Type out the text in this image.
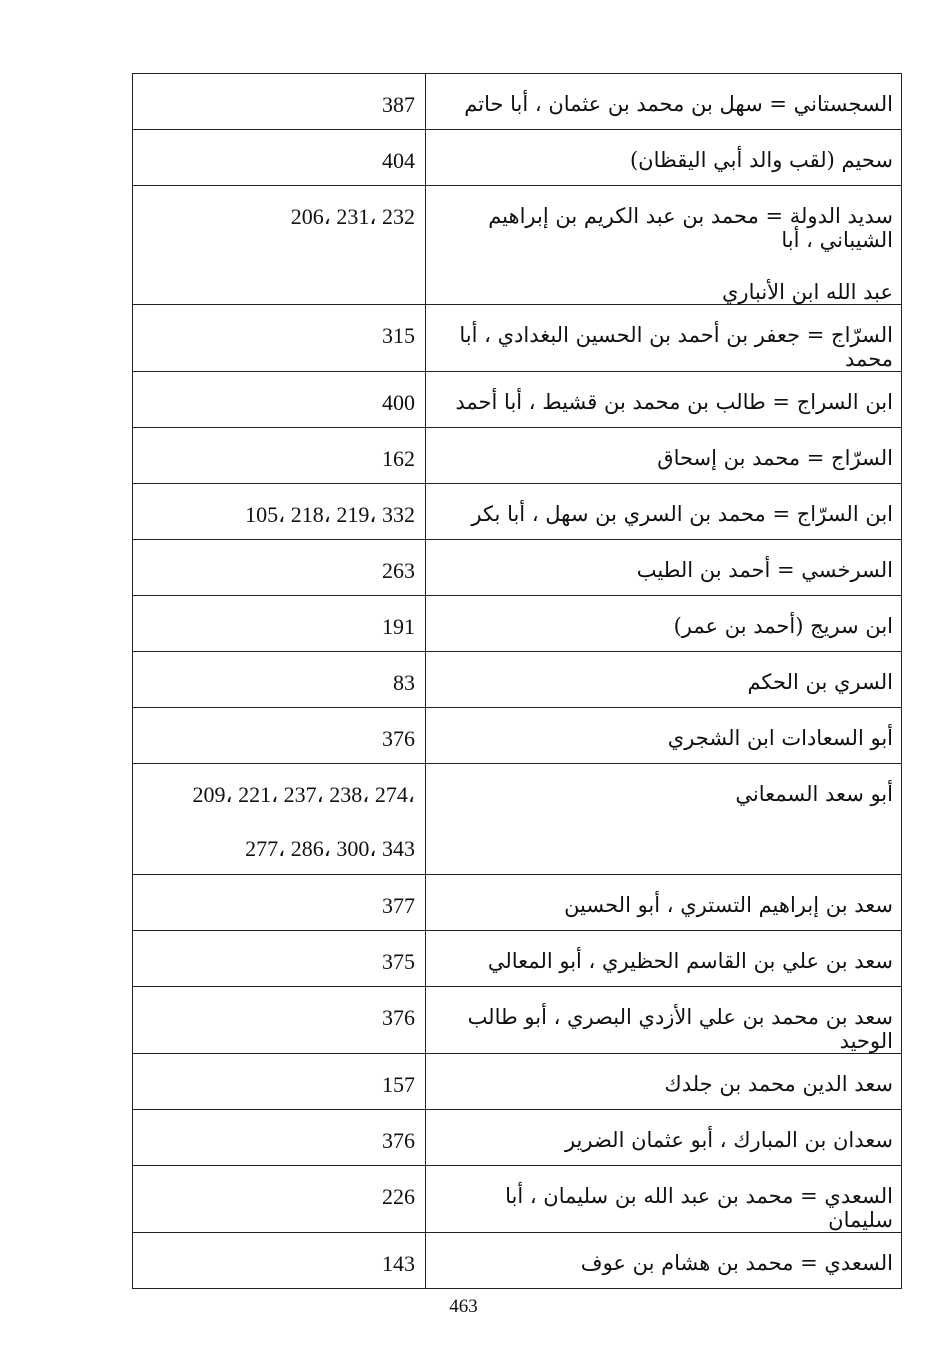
387	السجستاني = سهل بن محمد بن عثمان ، أبا حاتم
404	سحيم (لقب والد أبي اليقظان)
232 ،231 ،206	سديد الدولة = محمد بن عبد الكريم بن إبراهيم الشيباني ، أبا
عبد الله ابن الأنباري

315	السرّاج = جعفر بن أحمد بن الحسين البغدادي ، أبا محمد
400	ابن السراج = طالب بن محمد بن قشيط ، أبا أحمد
162	السرّاج = محمد بن إسحاق
332 ،219 ،218 ،105	ابن السرّاج = محمد بن السري بن سهل ، أبا بكر
263	السرخسي = أحمد بن الطيب
191	ابن سريج (أحمد بن عمر)
83	السري بن الحكم
376	أبو السعادات ابن الشجري
،274 ،238 ،237 ،221 ،209
343 ،300 ،286 ،277	أبو سعد السمعاني
377	سعد بن إبراهيم التستري ، أبو الحسين
375	سعد بن علي بن القاسم الحظيري ، أبو المعالي
376	سعد بن محمد بن علي الأزدي البصري ، أبو طالب الوحيد
157	سعد الدين محمد بن جلدك
376	سعدان بن المبارك ، أبو عثمان الضرير
226	السعدي = محمد بن عبد الله بن سليمان ، أبا سليمان
143	السعدي = محمد بن هشام بن عوف
463
